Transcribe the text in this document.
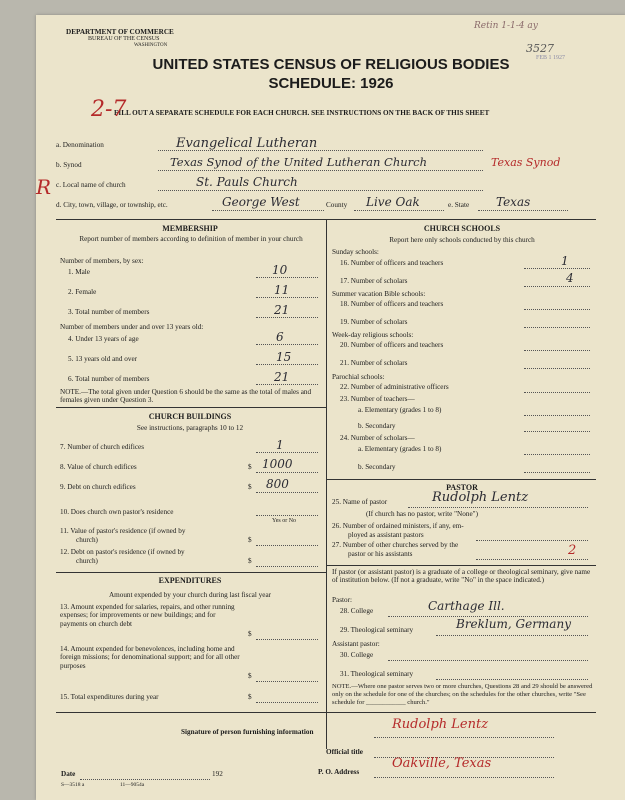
DEPARTMENT OF COMMERCE
BUREAU OF THE CENSUS
WASHINGTON
UNITED STATES CENSUS OF RELIGIOUS BODIES
SCHEDULE: 1926
FILL OUT A SEPARATE SCHEDULE FOR EACH CHURCH. SEE INSTRUCTIONS ON THE BACK OF THIS SHEET
Retin 1-1-4 ay
3527
FEB 1 1927
2-7
R
a. Denomination	Evangelical Lutheran
b. Synod	Texas Synod of the United Lutheran Church	Texas Synod
c. Local name of church	St. Pauls Church
d. City, town, village, or township, etc.	George West	County Live Oak	e. State Texas
MEMBERSHIP
Report number of members according to definition of member in your church
Number of members, by sex:
1. Male	10
2. Female	11
3. Total number of members	21
Number of members under and over 13 years old:
4. Under 13 years of age	6
5. 13 years old and over	15
6. Total number of members	21
NOTE.—The total given under Question 6 should be the same as the total of males and females given under Question 3.
CHURCH BUILDINGS
See instructions, paragraphs 10 to 12
7. Number of church edifices	1
8. Value of church edifices	$ 1000
9. Debt on church edifices	$ 800
10. Does church own pastor's residence
Yes or No
11. Value of pastor's residence (if owned by
church)	$
12. Debt on pastor's residence (if owned by
church)	$
EXPENDITURES
Amount expended by your church during last fiscal year
13. Amount expended for salaries, repairs, and other running expenses; for improvements or new buildings; and for payments on church debt
$
14. Amount expended for benevolences, including home and foreign missions; for denominational support; and for all other purposes
$
15. Total expenditures during year	$
CHURCH SCHOOLS
Report here only schools conducted by this church
Sunday schools:
16. Number of officers and teachers	1
17. Number of scholars	4
Summer vacation Bible schools:
18. Number of officers and teachers
19. Number of scholars
Week-day religious schools:
20. Number of officers and teachers
21. Number of scholars
Parochial schools:
22. Number of administrative officers
23. Number of teachers—
a. Elementary (grades 1 to 8)
b. Secondary
24. Number of scholars—
a. Elementary (grades 1 to 8)
b. Secondary
PASTOR
25. Name of pastor	Rudolph Lentz
(If church has no pastor, write "None")
26. Number of ordained ministers, if any, em-
ployed as assistant pastors
27. Number of other churches served by the
pastor or his assistants	2
If pastor (or assistant pastor) is a graduate of a college or theological seminary, give name of institution below. (If not a graduate, write "No" in the space indicated.)
Pastor:
28. College	Carthage Ill.
29. Theological seminary	Breklum, Germany
Assistant pastor:
30. College
31. Theological seminary
NOTE.—Where one pastor serves two or more churches, Questions 28 and 29 should be answered only on the schedule for one of the churches; on the schedules for the other churches, write "See schedule for ____________ church."
Signature of person furnishing information	Rudolph Lentz
Official title
Date	192	P. O. Address
Oakville, Texas
S—3518 a	11—9054a
